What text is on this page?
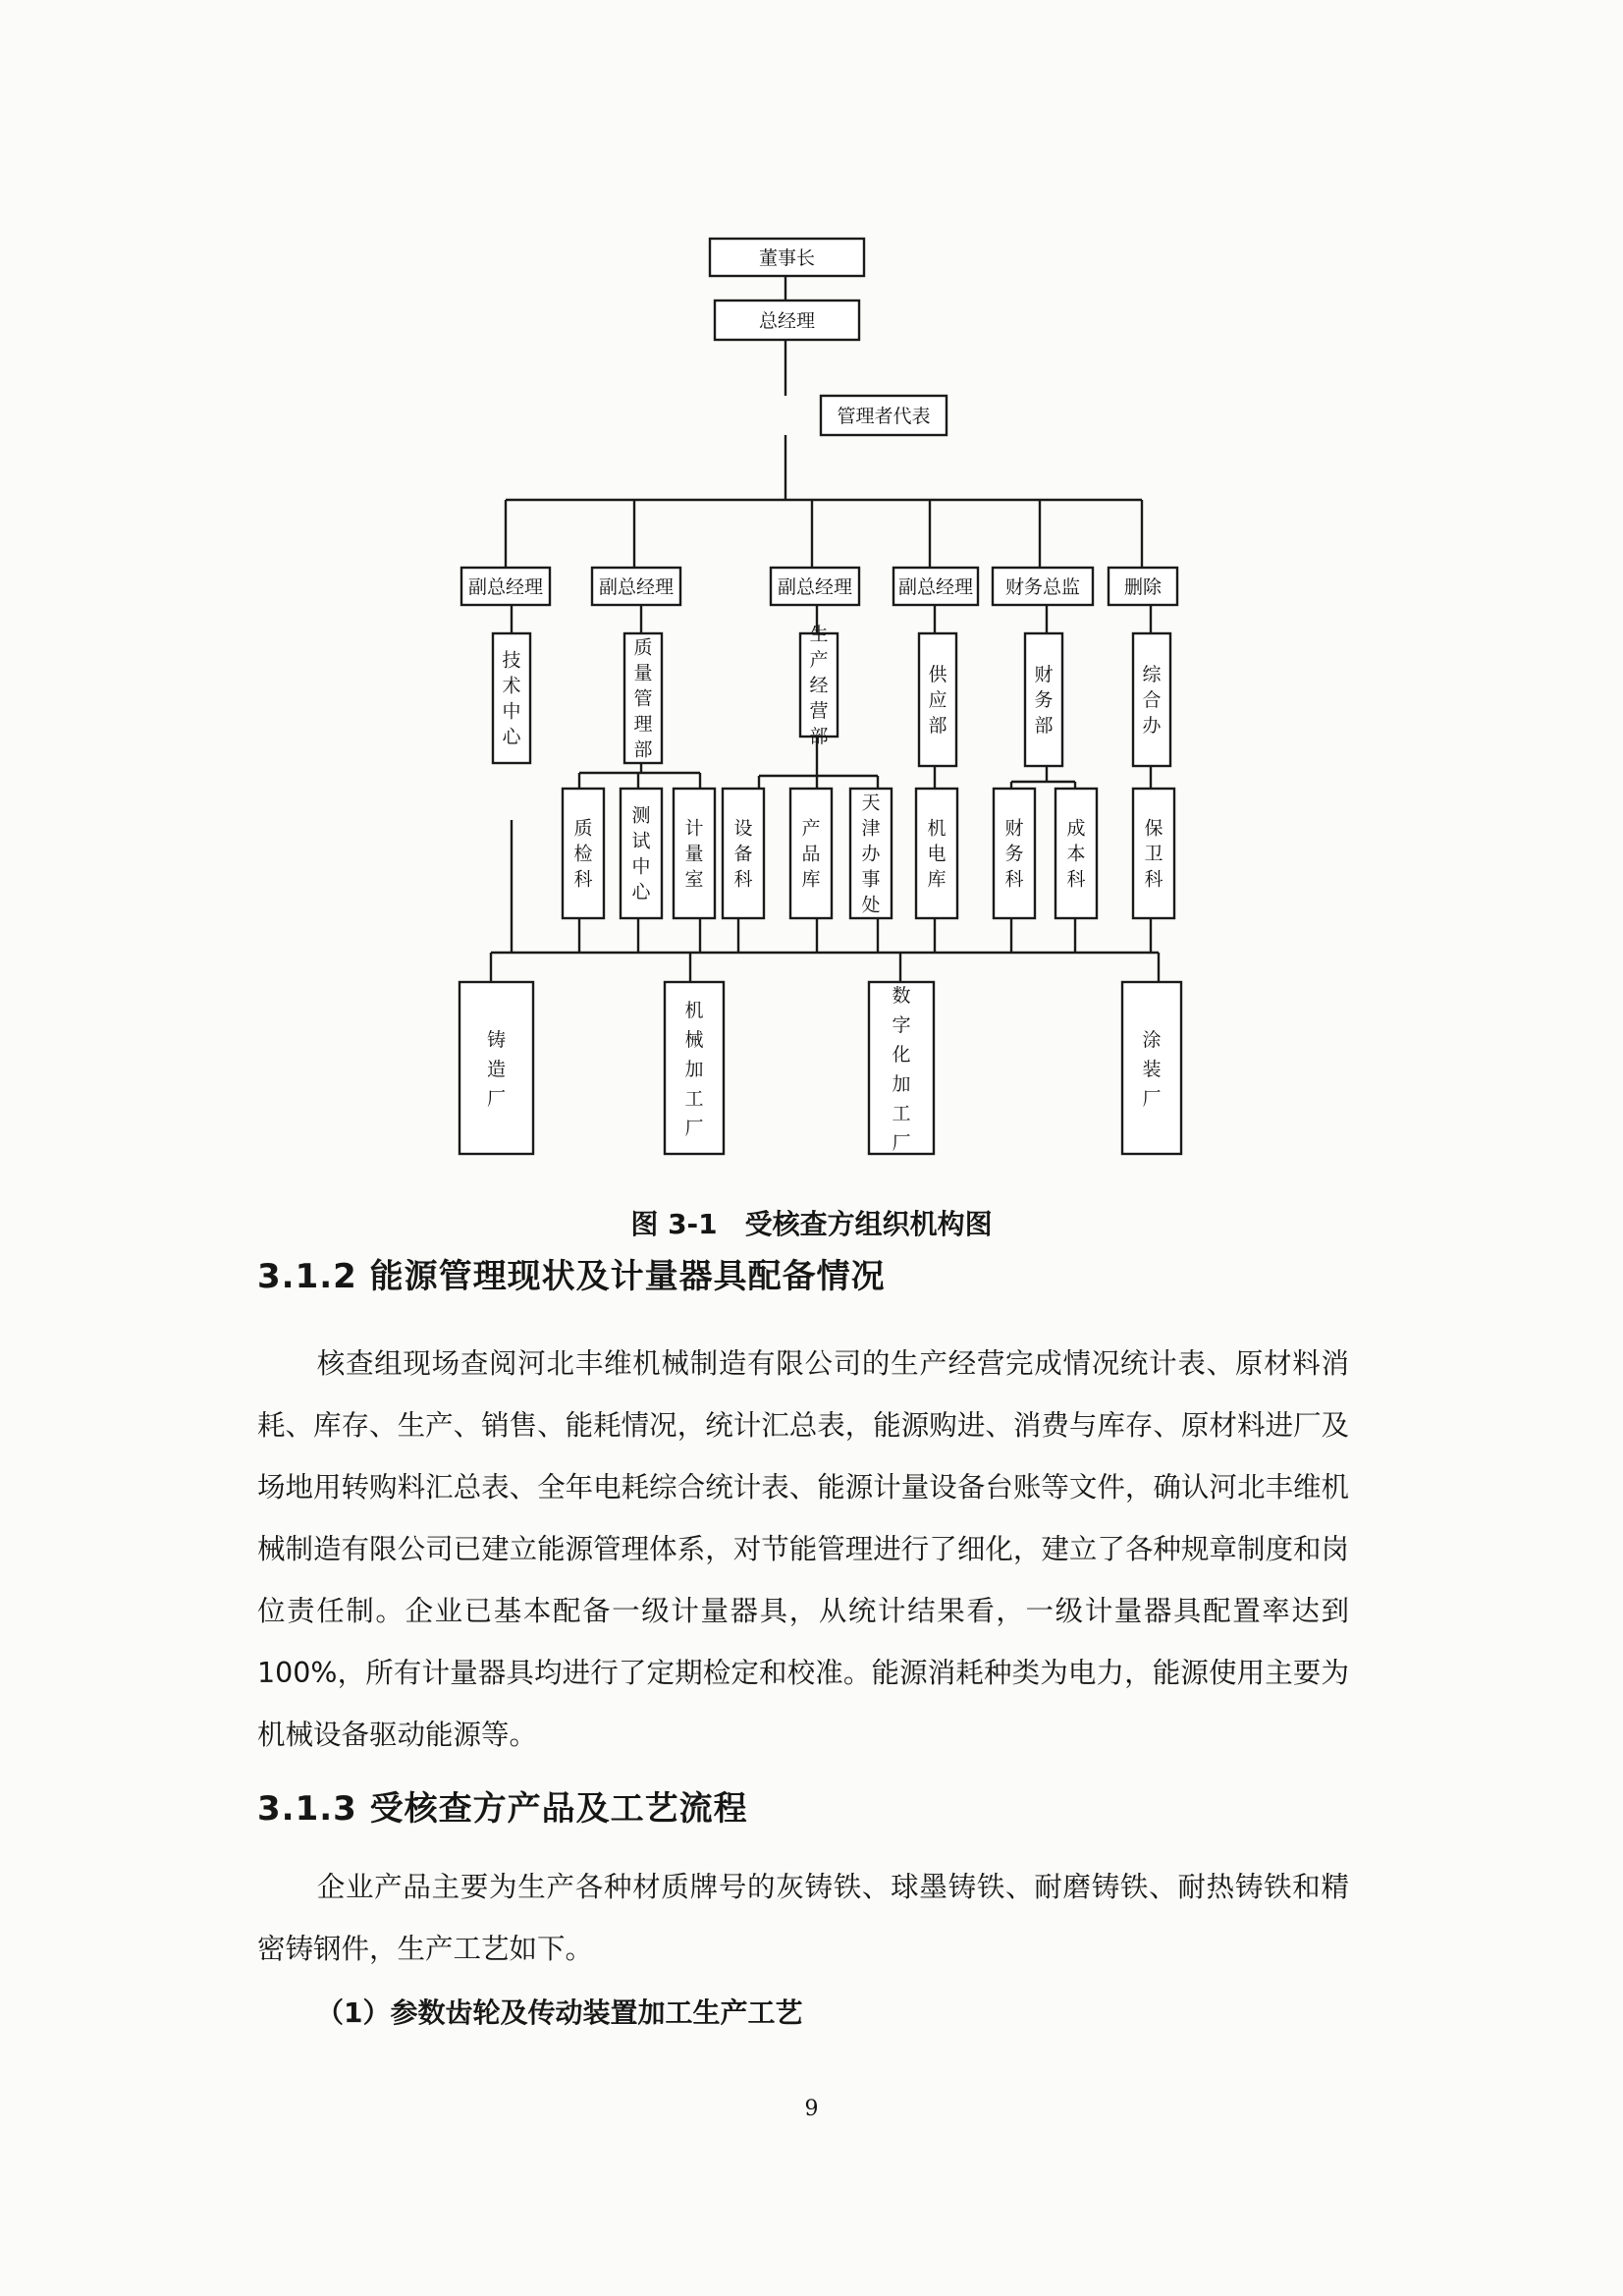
董事长
总经理
管理者代表
副总经理	副总经理	副总经理 副总经理 财务总监 删除
技
术
中
心
质
量
管
理
部
生
产
经
营
部
供
应
部
财
务
部
综
合
办
质
检
科
测
试
中
心
计
量
室
设
备
科
产
品
库
天
津
办
事
处
机
电
库
财
务
科
成
本
科
保
卫
科
铸
造
厂
机
械
加
工
厂
数
字
化
加
工
厂
涂
装
厂
图 3-1　受核查方组织机构图
3.1.2 能源管理现状及计量器具配备情况

核查组现场查阅河北丰维机械制造有限公司的生产经营完成情况统计表、原材料消耗、库存、生产、销售、能耗情况，统计汇总表，能源购进、消费与库存、原材料进厂及场地用转购料汇总表、全年电耗综合统计表、能源计量设备台账等文件，确认河北丰维机械制造有限公司已建立能源管理体系，对节能管理进行了细化，建立了各种规章制度和岗位责任制。企业已基本配备一级计量器具，从统计结果看，一级计量器具配置率达到 100%，所有计量器具均进行了定期检定和校准。能源消耗种类为电力，能源使用主要为机械设备驱动能源等。

3.1.3 受核查方产品及工艺流程

企业产品主要为生产各种材质牌号的灰铸铁、球墨铸铁、耐磨铸铁、耐热铸铁和精密铸钢件，生产工艺如下。

（1）参数齿轮及传动装置加工生产工艺
9
